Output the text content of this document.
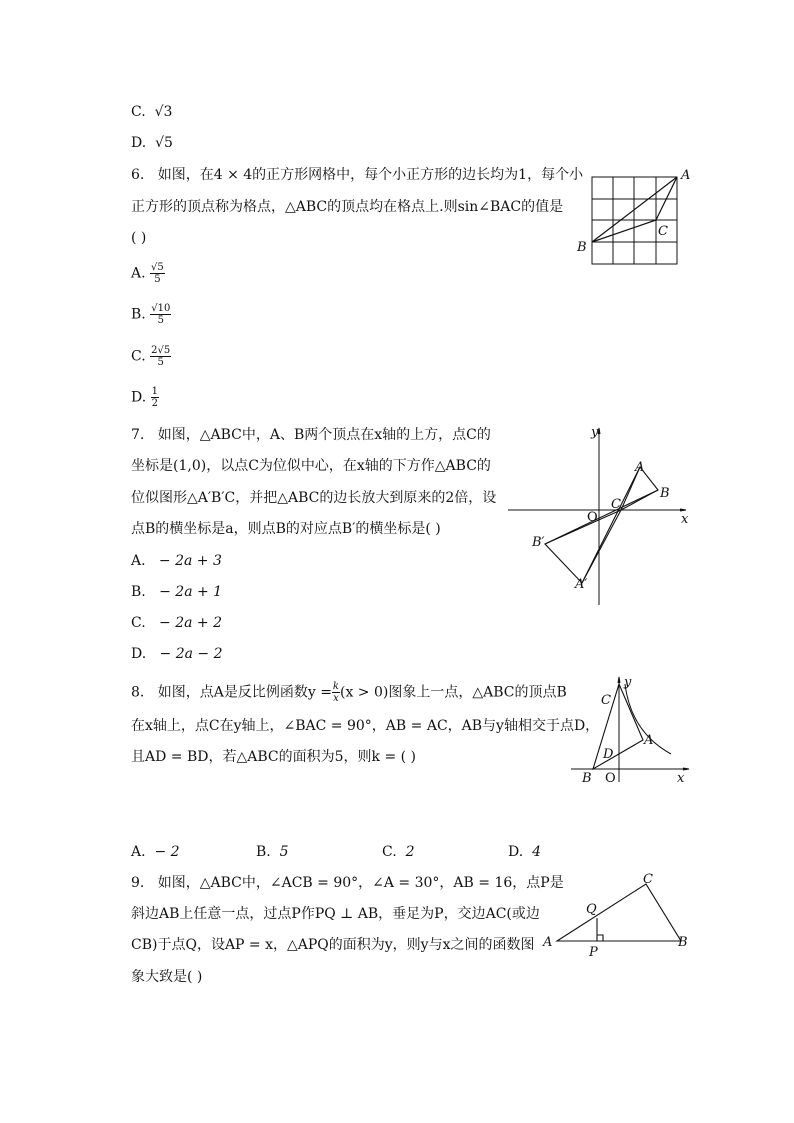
C. √3
D. √5
6. 如图，在4 × 4的正方形网格中，每个小正方形的边长均为1，每个小
正方形的顶点称为格点，△ABC的顶点均在格点上.则sin∠BAC的值是
( )
A. $\frac{√5}{5}$
B. $\frac{√10}{5}$
C. $\frac{2√5}{5}$
D. $\frac{1}{2}$
A
B
C
7. 如图，△ABC中，A、B两个顶点在x轴的上方，点C的
坐标是(1,0)，以点C为位似中心，在x轴的下方作△ABC的
位似图形△A′B′C，并把△ABC的边长放大到原来的2倍，设
点B的横坐标是a，则点B的对应点B′的横坐标是( )
A. − 2a + 3
B. − 2a + 1
C. − 2a + 2
D. − 2a − 2
y
x
O
A
B
C
A′
B′
8. 如图，点A是反比例函数$y = \frac{k}{x} (x > 0)$图象上一点，△ABC的顶点B
在x轴上，点C在y轴上，∠BAC = 90°，AB = AC，AB与y轴相交于点D，
且AD = BD，若△ABC的面积为5，则k = ( )
A. − 2	B. 5	C. 2	D. 4
y
x
O
B
C
D
A
9. 如图，△ABC中，∠ACB = 90°，∠A = 30°，AB = 16，点P是
斜边AB上任意一点，过点P作PQ ⊥ AB，垂足为P，交边AC(或边
CB)于点Q，设AP = x，△APQ的面积为y，则y与x之间的函数图
象大致是( )
A	B
C
P
Q
